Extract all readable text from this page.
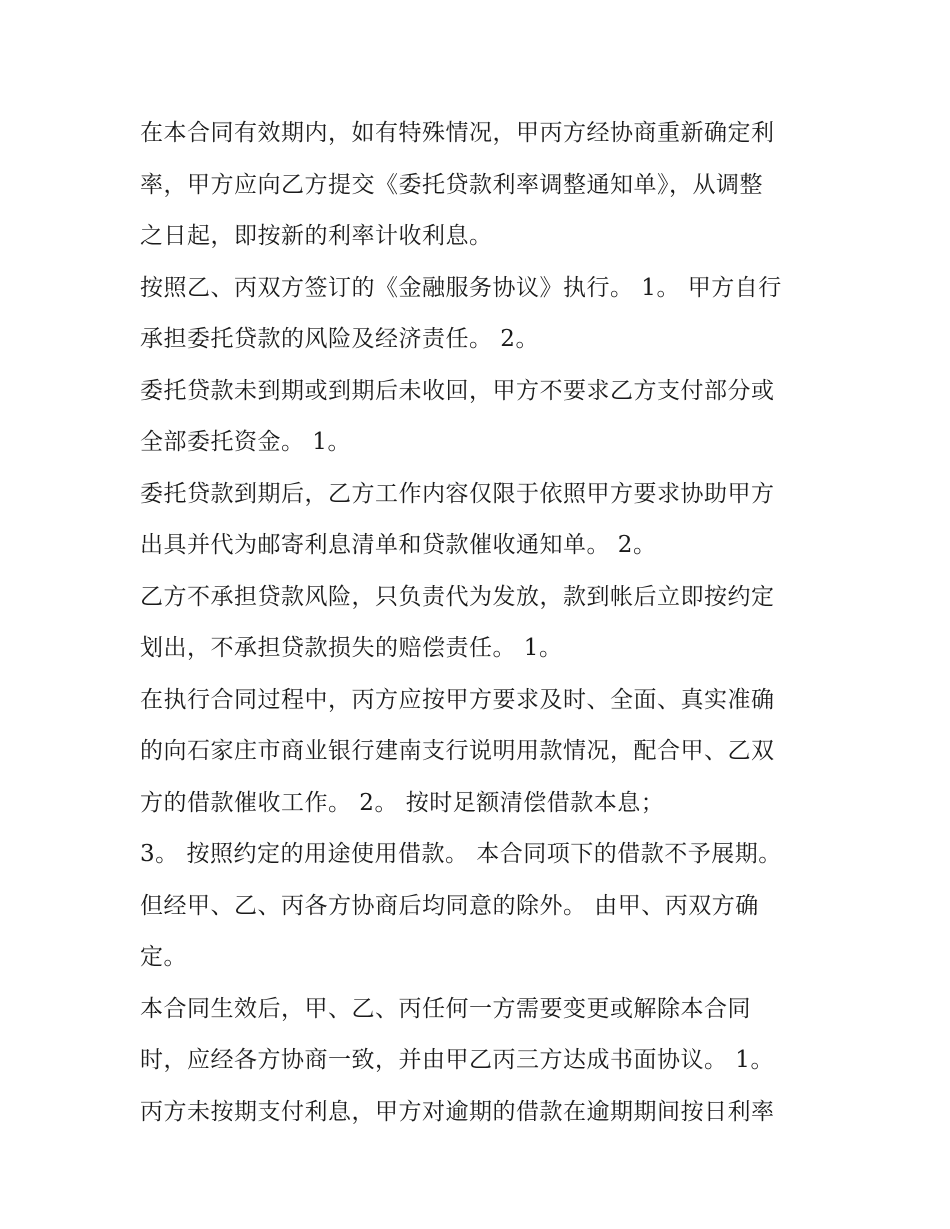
在本合同有效期内，如有特殊情况，甲丙方经协商重新确定利
率，甲方应向乙方提交《委托贷款利率调整通知单》，从调整
之日起，即按新的利率计收利息。
按照乙、丙双方签订的《金融服务协议》执行。 1。 甲方自行
承担委托贷款的风险及经济责任。 2。
委托贷款未到期或到期后未收回，甲方不要求乙方支付部分或
全部委托资金。 1。
委托贷款到期后，乙方工作内容仅限于依照甲方要求协助甲方
出具并代为邮寄利息清单和贷款催收通知单。 2。
乙方不承担贷款风险，只负责代为发放，款到帐后立即按约定
划出，不承担贷款损失的赔偿责任。 1。
在执行合同过程中，丙方应按甲方要求及时、全面、真实准确
的向石家庄市商业银行建南支行说明用款情况，配合甲、乙双
方的借款催收工作。 2。 按时足额清偿借款本息；
3。 按照约定的用途使用借款。 本合同项下的借款不予展期。
但经甲、乙、丙各方协商后均同意的除外。 由甲、丙双方确
定。
本合同生效后，甲、乙、丙任何一方需要变更或解除本合同
时，应经各方协商一致，并由甲乙丙三方达成书面协议。 1。
丙方未按期支付利息，甲方对逾期的借款在逾期期间按日利率
